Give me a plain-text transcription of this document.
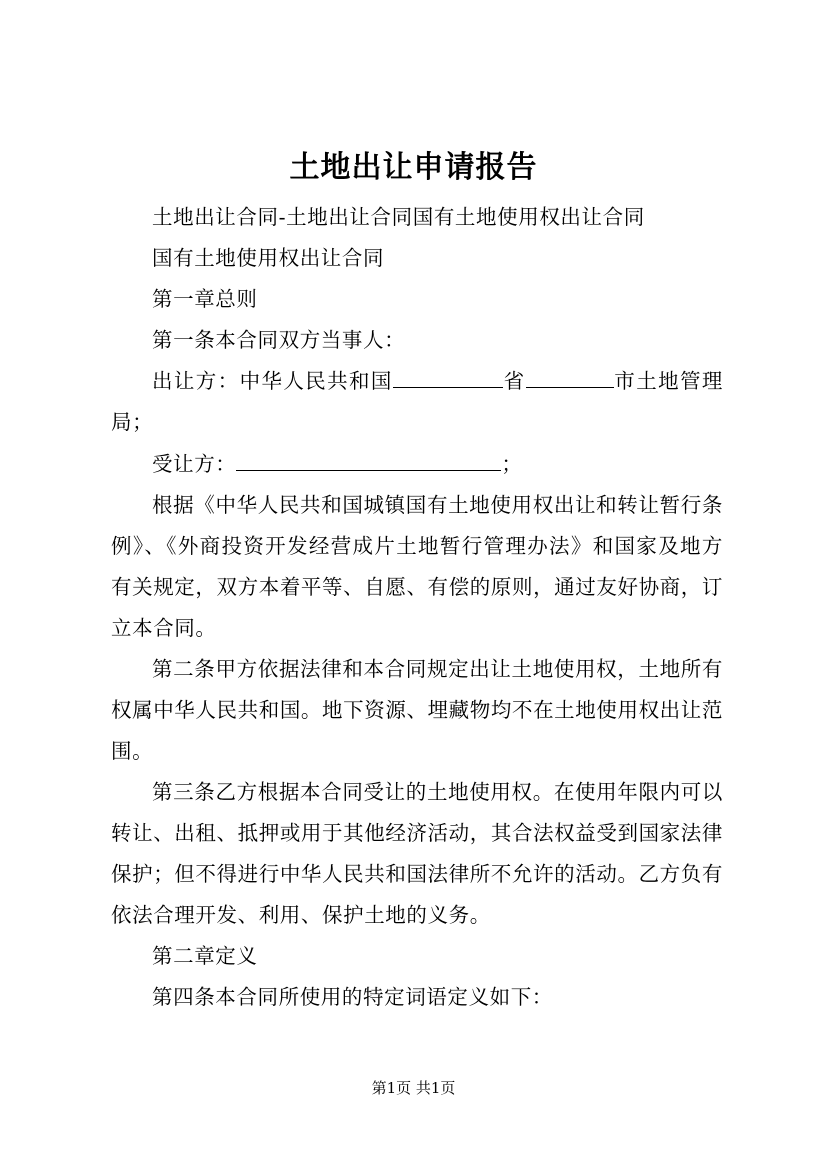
土地出让申请报告

土地出让合同-土地出让合同国有土地使用权出让合同

国有土地使用权出让合同

第一章总则

第一条本合同双方当事人：

出让方：中华人民共和国	省	市土地管理局；

受让方：	；

根据《中华人民共和国城镇国有土地使用权出让和转让暂行条例》、《外商投资开发经营成片土地暂行管理办法》和国家及地方有关规定，双方本着平等、自愿、有偿的原则，通过友好协商，订立本合同。

第二条甲方依据法律和本合同规定出让土地使用权，土地所有权属中华人民共和国。地下资源、埋藏物均不在土地使用权出让范围。

第三条乙方根据本合同受让的土地使用权。在使用年限内可以转让、出租、抵押或用于其他经济活动，其合法权益受到国家法律保护；但不得进行中华人民共和国法律所不允许的活动。乙方负有依法合理开发、利用、保护土地的义务。

第二章定义

第四条本合同所使用的特定词语定义如下：

第1页 共1页
